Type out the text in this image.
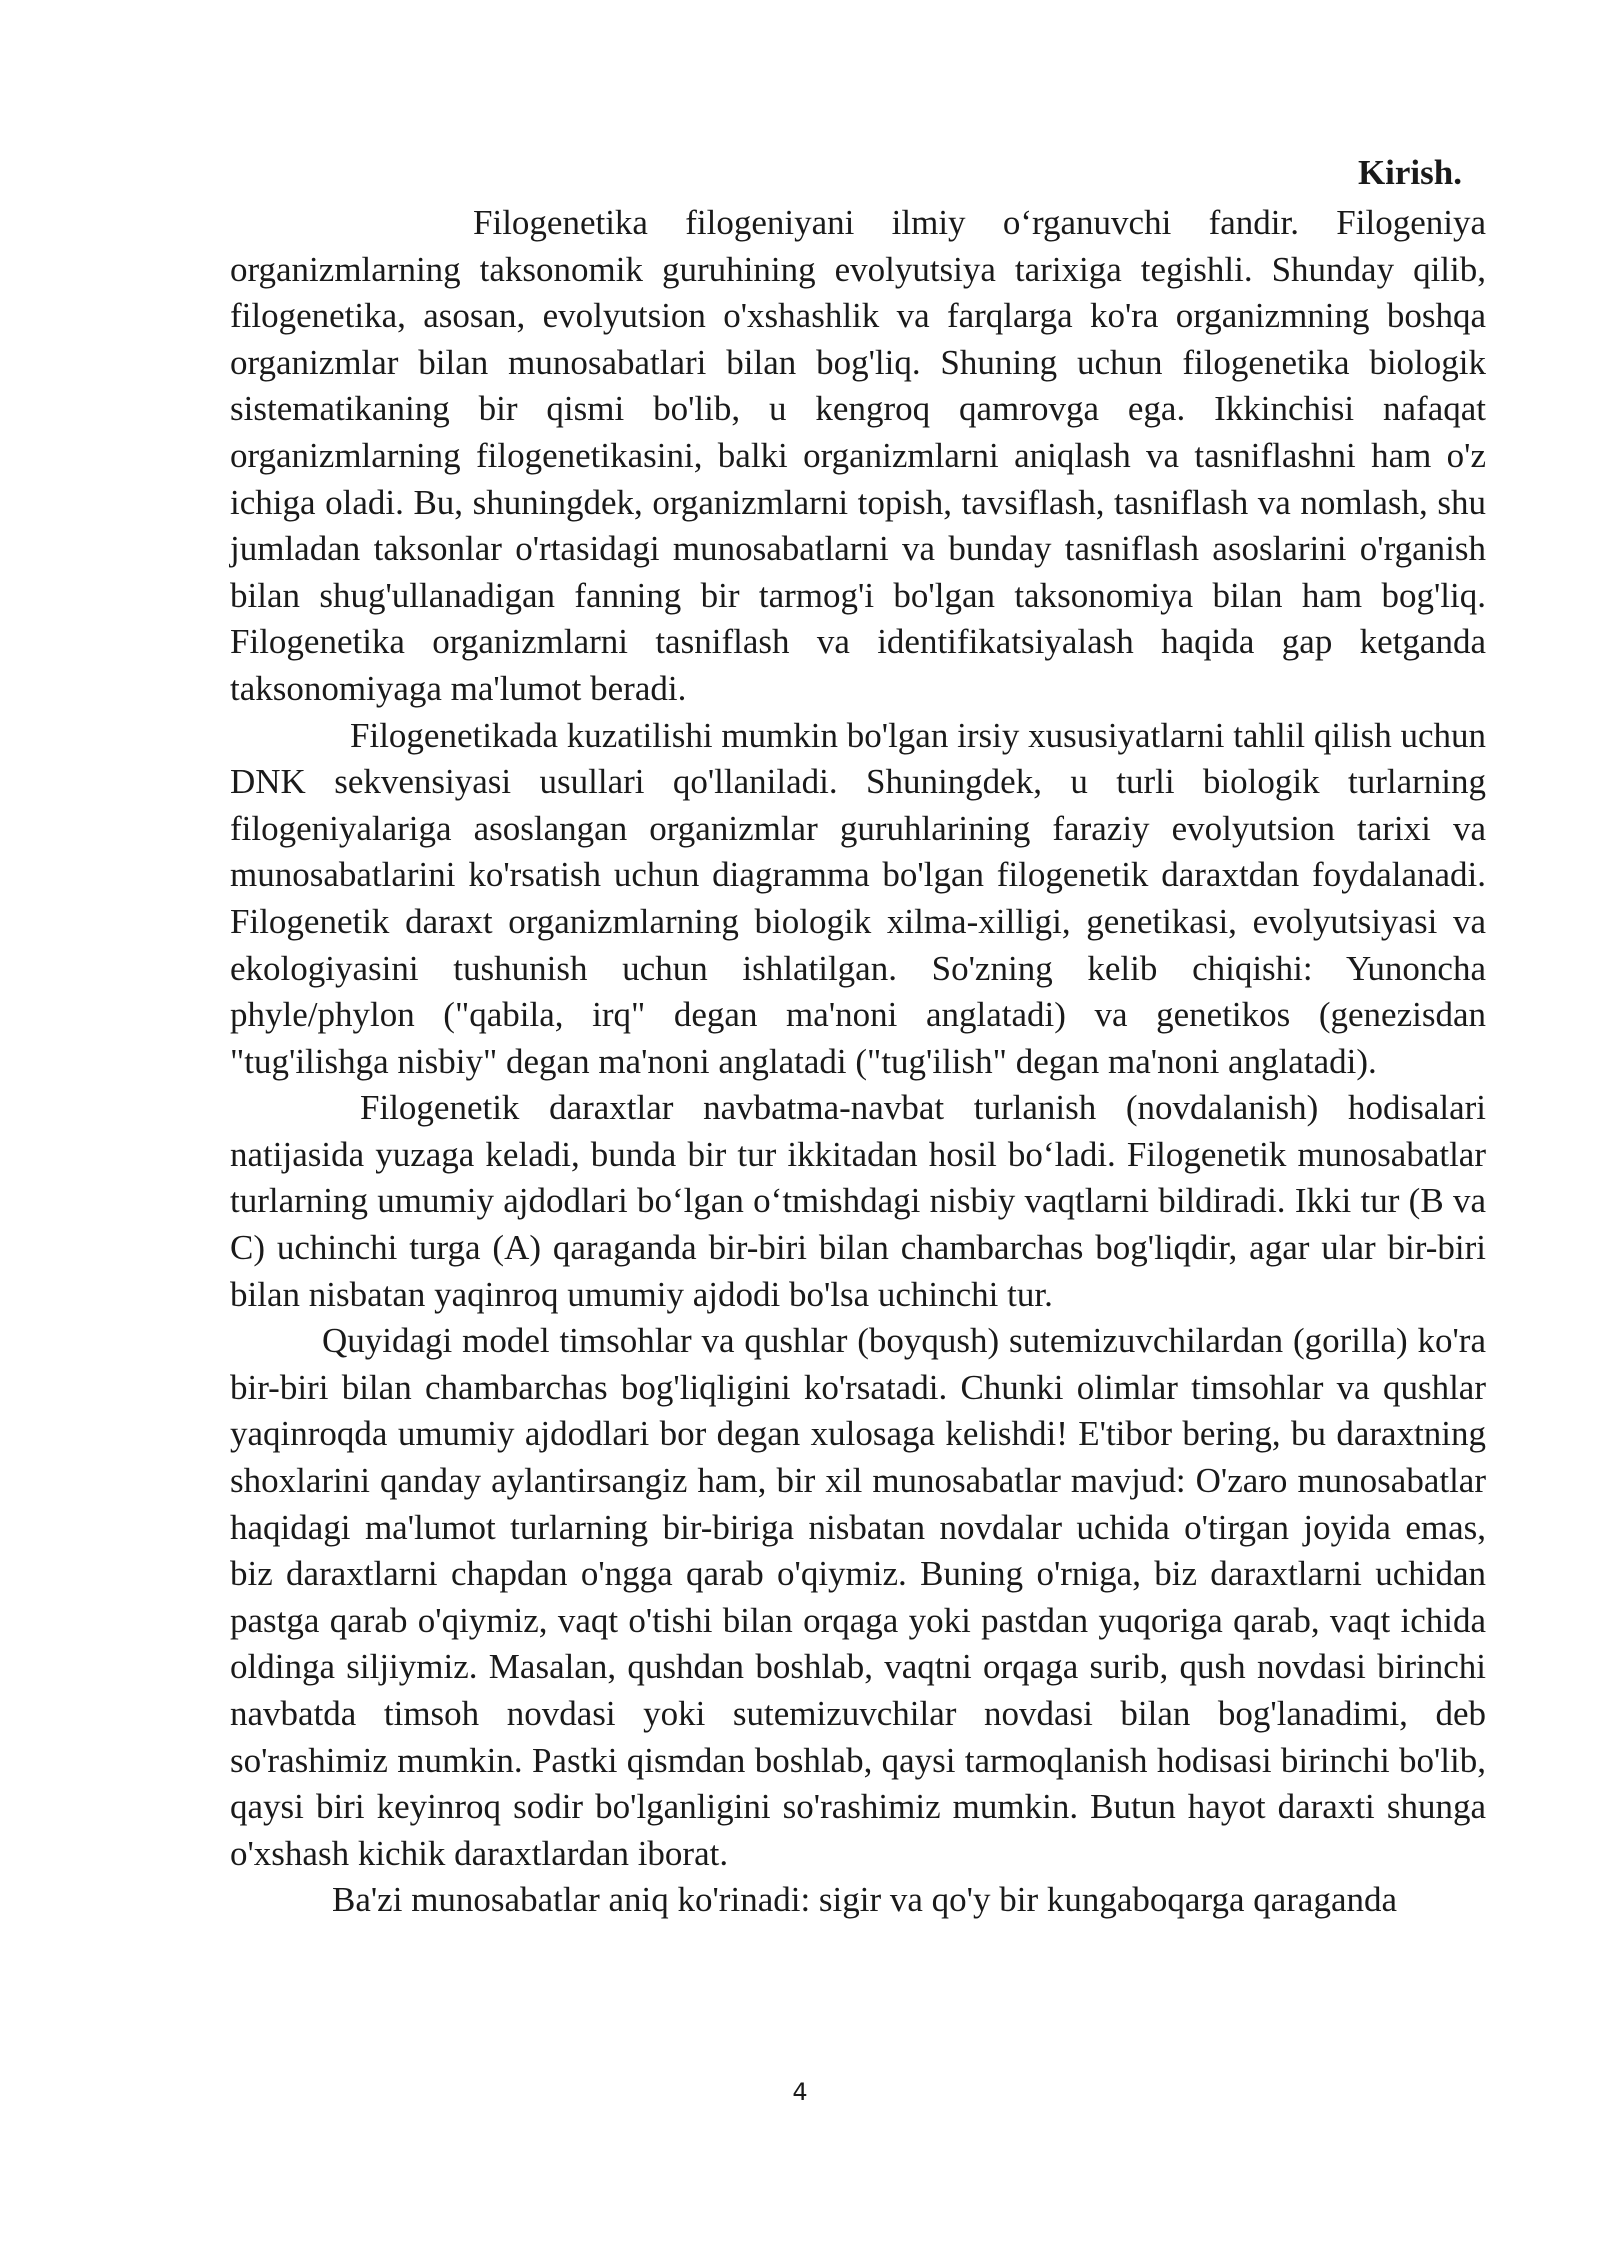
Kirish.

Filogenetika filogeniyani ilmiy o‘rganuvchi fandir. Filogeniya organizmlarning taksonomik guruhining evolyutsiya tarixiga tegishli. Shunday qilib, filogenetika, asosan, evolyutsion o'xshashlik va farqlarga ko'ra organizmning boshqa organizmlar bilan munosabatlari bilan bog'liq. Shuning uchun filogenetika biologik sistematikaning bir qismi bo'lib, u kengroq qamrovga ega. Ikkinchisi nafaqat organizmlarning filogenetikasini, balki organizmlarni aniqlash va tasniflashni ham o'z ichiga oladi. Bu, shuningdek, organizmlarni topish, tavsiflash, tasniflash va nomlash, shu jumladan taksonlar o'rtasidagi munosabatlarni va bunday tasniflash asoslarini o'rganish bilan shug'ullanadigan fanning bir tarmog'i bo'lgan taksonomiya bilan ham bog'liq. Filogenetika organizmlarni tasniflash va identifikatsiyalash haqida gap ketganda taksonomiyaga ma'lumot beradi.

Filogenetikada kuzatilishi mumkin bo'lgan irsiy xususiyatlarni tahlil qilish uchun DNK sekvensiyasi usullari qo'llaniladi. Shuningdek, u turli biologik turlarning filogeniyalariga asoslangan organizmlar guruhlarining faraziy evolyutsion tarixi va munosabatlarini ko'rsatish uchun diagramma bo'lgan filogenetik daraxtdan foydalanadi. Filogenetik daraxt organizmlarning biologik xilma-xilligi, genetikasi, evolyutsiyasi va ekologiyasini tushunish uchun ishlatilgan. So'zning kelib chiqishi: Yunoncha phyle/phylon ("qabila, irq" degan ma'noni anglatadi) va genetikos (genezisdan "tug'ilishga nisbiy" degan ma'noni anglatadi ("tug'ilish" degan ma'noni anglatadi).

Filogenetik daraxtlar navbatma-navbat turlanish (novdalanish) hodisalari natijasida yuzaga keladi, bunda bir tur ikkitadan hosil bo‘ladi. Filogenetik munosabatlar turlarning umumiy ajdodlari bo‘lgan o‘tmishdagi nisbiy vaqtlarni bildiradi. Ikki tur (B va C) uchinchi turga (A) qaraganda bir-biri bilan chambarchas bog'liqdir, agar ular bir-biri bilan nisbatan yaqinroq umumiy ajdodi bo'lsa uchinchi tur.

Quyidagi model timsohlar va qushlar (boyqush) sutemizuvchilardan (gorilla) ko'ra bir-biri bilan chambarchas bog'liqligini ko'rsatadi. Chunki olimlar timsohlar va qushlar yaqinroqda umumiy ajdodlari bor degan xulosaga kelishdi! E'tibor bering, bu daraxtning shoxlarini qanday aylantirsangiz ham, bir xil munosabatlar mavjud: O'zaro munosabatlar haqidagi ma'lumot turlarning bir-biriga nisbatan novdalar uchida o'tirgan joyida emas, biz daraxtlarni chapdan o'ngga qarab o'qiymiz. Buning o'rniga, biz daraxtlarni uchidan pastga qarab o'qiymiz, vaqt o'tishi bilan orqaga yoki pastdan yuqoriga qarab, vaqt ichida oldinga siljiymiz. Masalan, qushdan boshlab, vaqtni orqaga surib, qush novdasi birinchi navbatda timsoh novdasi yoki sutemizuvchilar novdasi bilan bog'lanadimi, deb so'rashimiz mumkin. Pastki qismdan boshlab, qaysi tarmoqlanish hodisasi birinchi bo'lib, qaysi biri keyinroq sodir bo'lganligini so'rashimiz mumkin. Butun hayot daraxti shunga o'xshash kichik daraxtlardan iborat.

Ba'zi munosabatlar aniq ko'rinadi: sigir va qo'y bir kungaboqarga qaraganda

4
